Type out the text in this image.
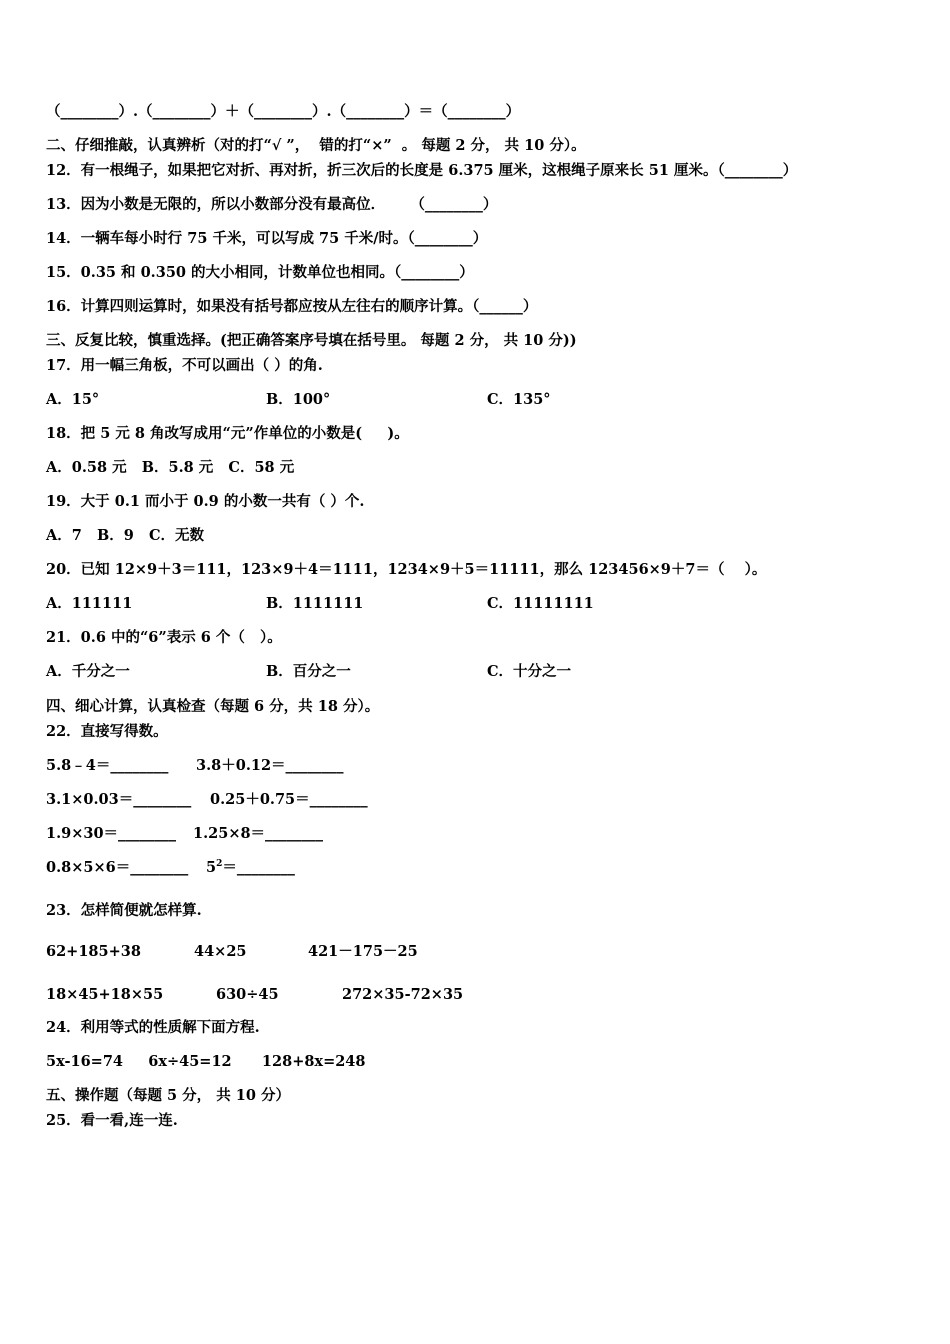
（________）.（________）＋（________）.（________）＝（________）
二、仔细推敲，认真辨析（对的打“√ ”，  错的打“×”  。 每题 2 分， 共 10 分）。
12．有一根绳子，如果把它对折、再对折，折三次后的长度是 6.375 厘米，这根绳子原来长 51 厘米。（________）
13．因为小数是无限的，所以小数部分没有最高位．     （________）
14．一辆车每小时行 75 千米，可以写成 75 千米/时。（________）
15．0.35 和 0.350 的大小相同，计数单位也相同。（________）
16．计算四则运算时，如果没有括号都应按从左往右的顺序计算。（______）
三、反复比较，慎重选择。(把正确答案序号填在括号里。 每题 2 分， 共 10 分))
17．用一幅三角板，不可以画出（ ）的角.

A．15°

	B．100°

	C．135°

18．把 5 元 8 角改写成用“元”作单位的小数是(     )。
A．0.58 元   B．5.8 元   C．58 元
19．大于 0.1 而小于 0.9 的小数一共有（ ）个.
A．7   B．9   C．无数
20．已知 12×9＋3＝111，123×9＋4＝1111，1234×9＋5＝11111，那么 123456×9＋7＝（    ）。

A．111111

	B．1111111

	C．11111111

21．0.6 中的“6”表示 6 个（   ）。

A．千分之一

	B．百分之一

	C．十分之一

四、细心计算，认真检查（每题 6 分，共 18 分）。
22．直接写得数。

5.8﹣4＝________

3.8＋0.12＝________

3.1×0.03＝________

0.25＋0.75＝________

1.9×30＝________

1.25×8＝________

0.8×5×6＝________

$5^2=\_\_\_\_\_\_\_\_$

23．怎样简便就怎样算.

62+185+38

	44×25

	421－175－25

18×45+18×55

	630÷45

	272×35-72×35

24．利用等式的性质解下面方程.
5x-16=74     6x÷45=12      128+8x=248
五、操作题（每题 5 分， 共 10 分）
25．看一看,连一连.
